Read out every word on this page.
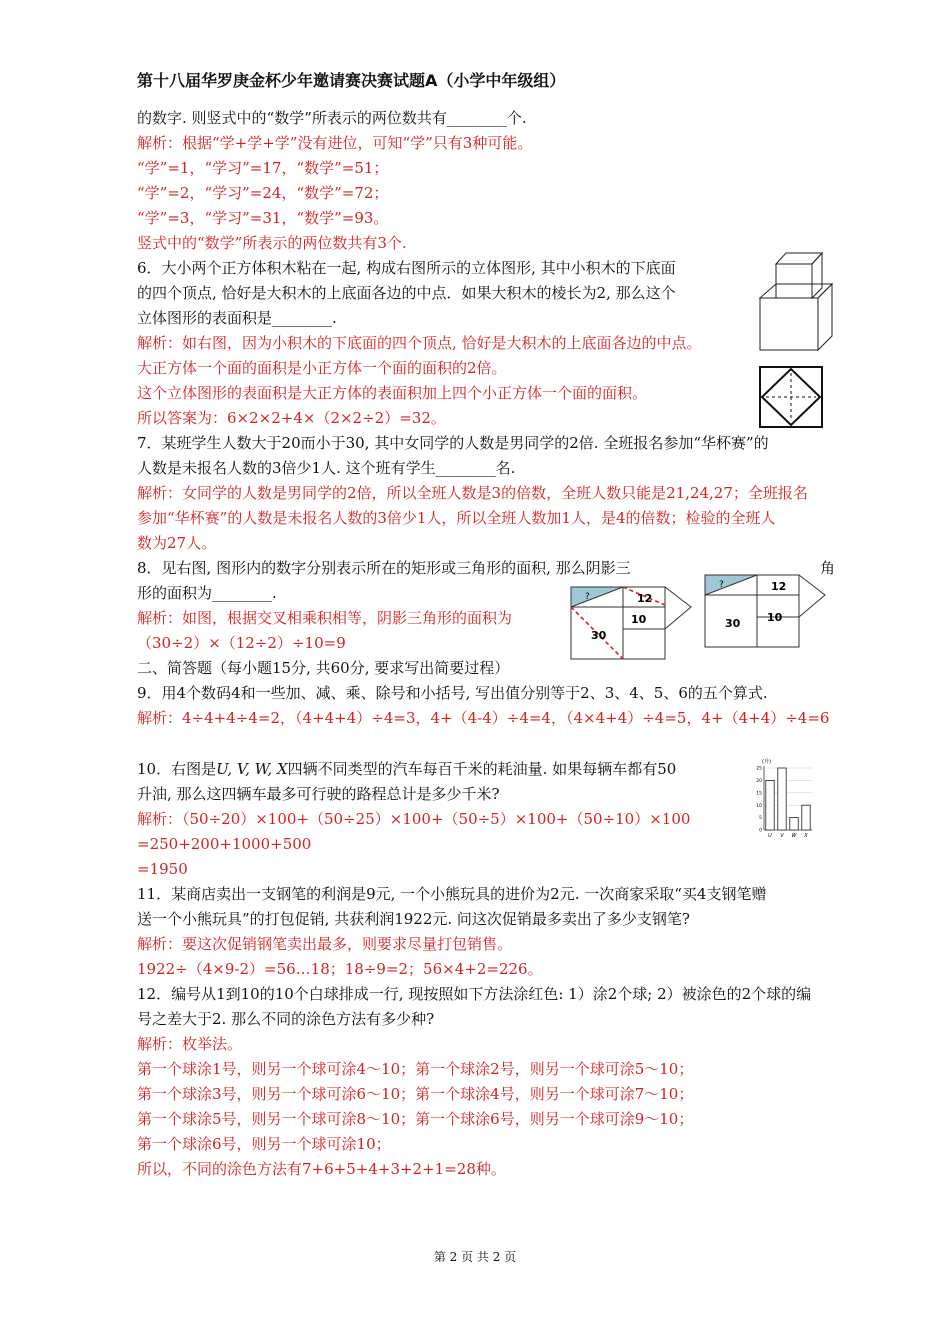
第十八届华罗庚金杯少年邀请赛决赛试题A（小学中年级组）
的数字. 则竖式中的“数学”所表示的两位数共有________个.
解析：根据“学+学+学”没有进位，可知“学”只有3种可能。
“学”=1，“学习”=17，“数学”=51；
“学”=2，“学习”=24，“数学”=72；
“学”=3，“学习”=31，“数学”=93。
竖式中的“数学”所表示的两位数共有3个.
6．大小两个正方体积木粘在一起, 构成右图所示的立体图形, 其中小积木的下底面
的四个顶点, 恰好是大积木的上底面各边的中点．如果大积木的棱长为2, 那么这个
立体图形的表面积是________.
解析：如右图，因为小积木的下底面的四个顶点, 恰好是大积木的上底面各边的中点。
大正方体一个面的面积是小正方体一个面的面积的2倍。
这个立体图形的表面积是大正方体的表面积加上四个小正方体一个面的面积。
所以答案为：6×2×2+4×（2×2÷2）=32。
7．某班学生人数大于20而小于30, 其中女同学的人数是男同学的2倍. 全班报名参加“华杯赛”的
人数是未报名人数的3倍少1人. 这个班有学生________名.
解析：女同学的人数是男同学的2倍，所以全班人数是3的倍数，全班人数只能是21,24,27；全班报名
参加“华杯赛”的人数是未报名人数的3倍少1人，所以全班人数加1人，是4的倍数；检验的全班人
数为27人。
8．见右图, 图形内的数字分别表示所在的矩形或三角形的面积, 那么阴影三	角
形的面积为________.
解析：如图，根据交叉相乘积相等，阴影三角形的面积为
（30÷2）×（12÷2）÷10=9
?	12
30
10
?	12
30 10
二、简答题（每小题15分, 共60分, 要求写出简要过程）
9．用4个数码4和一些加、减、乘、除号和小括号, 写出值分别等于2、3、4、5、6的五个算式.
解析：4÷4+4÷4=2，（4+4+4）÷4=3，4+（4-4）÷4=4，（4×4+4）÷4=5，4+（4+4）÷4=6
10．右图是U, V, W, X四辆不同类型的汽车每百千米的耗油量. 如果每辆车都有50
升油, 那么这四辆车最多可行驶的路程总计是多少千米?
解析：（50÷20）×100+（50÷25）×100+（50÷5）×100+（50÷10）×100
=250+200+1000+500
=1950
(升)
0
5
10
15
20
25
U V W X
11．某商店卖出一支钢笔的利润是9元, 一个小熊玩具的进价为2元. 一次商家采取“买4支钢笔赠
送一个小熊玩具”的打包促销, 共获利润1922元. 问这次促销最多卖出了多少支钢笔?
解析：要这次促销钢笔卖出最多，则要求尽量打包销售。
1922÷（4×9-2）=56…18；18÷9=2；56×4+2=226。
12．编号从1到10的10个白球排成一行, 现按照如下方法涂红色: 1）涂2个球; 2）被涂色的2个球的编
号之差大于2. 那么不同的涂色方法有多少种?
解析：枚举法。
第一个球涂1号，则另一个球可涂4～10；第一个球涂2号，则另一个球可涂5～10；
第一个球涂3号，则另一个球可涂6～10；第一个球涂4号，则另一个球可涂7～10；
第一个球涂5号，则另一个球可涂8～10；第一个球涂6号，则另一个球可涂9～10；
第一个球涂6号，则另一个球可涂10；
所以，不同的涂色方法有7+6+5+4+3+2+1=28种。
第 2 页 共 2 页
